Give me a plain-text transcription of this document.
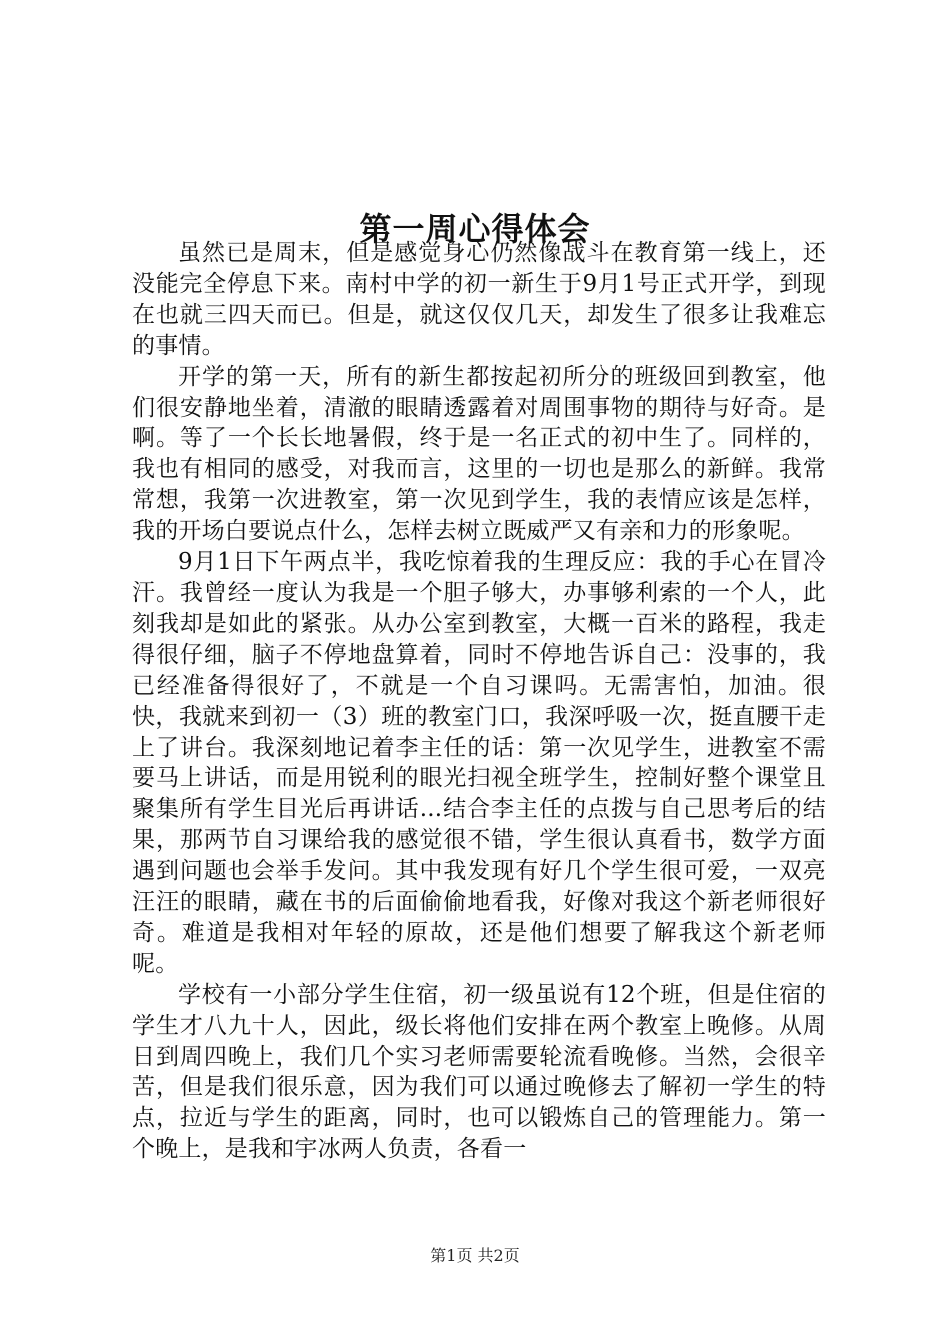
第一周心得体会

虽然已是周末，但是感觉身心仍然像战斗在教育第一线上，还没能完全停息下来。南村中学的初一新生于9月1号正式开学，到现在也就三四天而已。但是，就这仅仅几天，却发生了很多让我难忘的事情。

开学的第一天，所有的新生都按起初所分的班级回到教室，他们很安静地坐着，清澈的眼睛透露着对周围事物的期待与好奇。是啊。等了一个长长地暑假，终于是一名正式的初中生了。同样的，我也有相同的感受，对我而言，这里的一切也是那么的新鲜。我常常想，我第一次进教室，第一次见到学生，我的表情应该是怎样，我的开场白要说点什么，怎样去树立既威严又有亲和力的形象呢。

9月1日下午两点半，我吃惊着我的生理反应：我的手心在冒冷汗。我曾经一度认为我是一个胆子够大，办事够利索的一个人，此刻我却是如此的紧张。从办公室到教室，大概一百米的路程，我走得很仔细，脑子不停地盘算着，同时不停地告诉自己：没事的，我已经准备得很好了，不就是一个自习课吗。无需害怕，加油。很快，我就来到初一（3）班的教室门口，我深呼吸一次，挺直腰干走上了讲台。我深刻地记着李主任的话：第一次见学生，进教室不需要马上讲话，而是用锐利的眼光扫视全班学生，控制好整个课堂且聚集所有学生目光后再讲话...结合李主任的点拨与自己思考后的结果，那两节自习课给我的感觉很不错，学生很认真看书，数学方面遇到问题也会举手发问。其中我发现有好几个学生很可爱，一双亮汪汪的眼睛，藏在书的后面偷偷地看我，好像对我这个新老师很好奇。难道是我相对年轻的原故，还是他们想要了解我这个新老师呢。

学校有一小部分学生住宿，初一级虽说有12个班，但是住宿的学生才八九十人，因此，级长将他们安排在两个教室上晚修。从周日到周四晚上，我们几个实习老师需要轮流看晚修。当然，会很辛苦，但是我们很乐意，因为我们可以通过晚修去了解初一学生的特点，拉近与学生的距离，同时，也可以锻炼自己的管理能力。第一个晚上，是我和宇冰两人负责，各看一

第1页 共2页
